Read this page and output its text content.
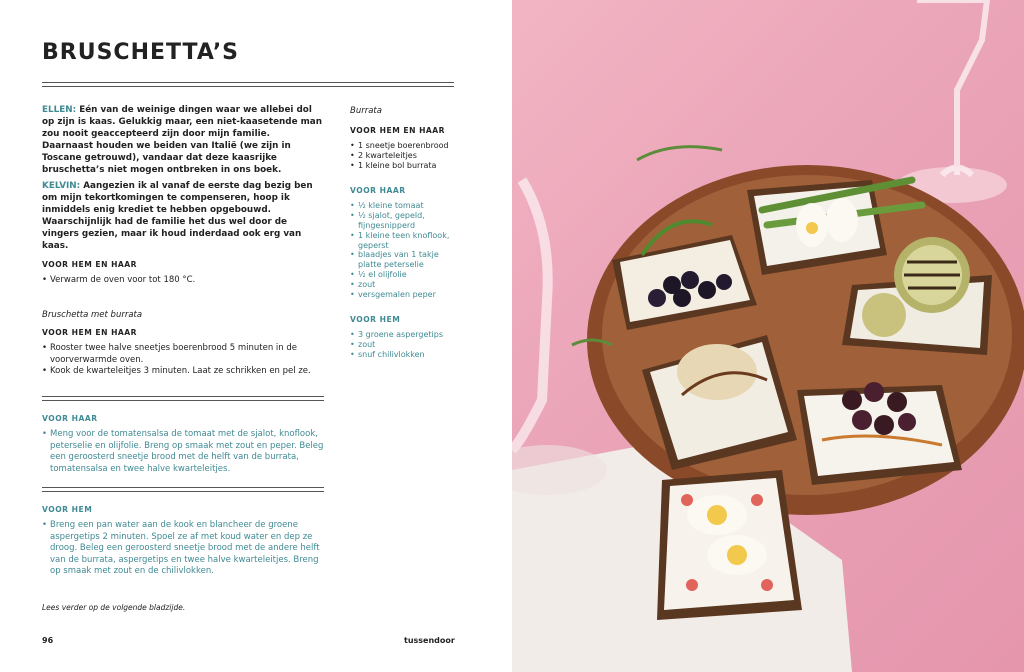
BRUSCHETTA’S

ELLEN: Eén van de weinige dingen waar we allebei dol op zijn is kaas. Gelukkig maar, een niet-kaasetende man zou nooit geaccepteerd zijn door mijn familie. Daarnaast houden we beiden van Italië (we zijn in Toscane getrouwd), vandaar dat deze kaasrijke bruschetta’s niet mogen ontbreken in ons boek.

KELVIN: Aangezien ik al vanaf de eerste dag bezig ben om mijn tekortkomingen te compenseren, hoop ik inmiddels enig krediet te hebben opgebouwd. Waarschijnlijk had de familie het dus wel door de vingers gezien, maar ik houd inderdaad ook erg van kaas.

VOOR HEM EN HAAR
• Verwarm de oven voor tot 180 °C.
Bruschetta met burrata
VOOR HEM EN HAAR
• Rooster twee halve sneetjes boerenbrood 5 minuten in de voorverwarmde oven.
• Kook de kwarteleitjes 3 minuten. Laat ze schrikken en pel ze.
VOOR HAAR
• Meng voor de tomatensalsa de tomaat met de sjalot, knoflook, peterselie en olijfolie. Breng op smaak met zout en peper. Beleg een geroosterd sneetje brood met de helft van de burrata, tomatensalsa en twee halve kwarteleitjes.
VOOR HEM
• Breng een pan water aan de kook en blancheer de groene aspergetips 2 minuten. Spoel ze af met koud water en dep ze droog. Beleg een geroosterd sneetje brood met de andere helft van de burrata, aspergetips en twee halve kwarteleitjes. Breng op smaak met zout en de chilivlokken.
Burrata
VOOR HEM EN HAAR
• 1 sneetje boerenbrood
• 2 kwarteleitjes
• 1 kleine bol burrata
VOOR HAAR
• ½ kleine tomaat
• ½ sjalot, gepeld, fijngesnipperd
• 1 kleine teen knoflook, geperst
• blaadjes van 1 takje platte peterselie
• ½ el olijfolie
• zout
• versgemalen peper
VOOR HEM
• 3 groene aspergetips
• zout
• snuf chilivlokken
Lees verder op de volgende bladzijde.
96	tussendoor
